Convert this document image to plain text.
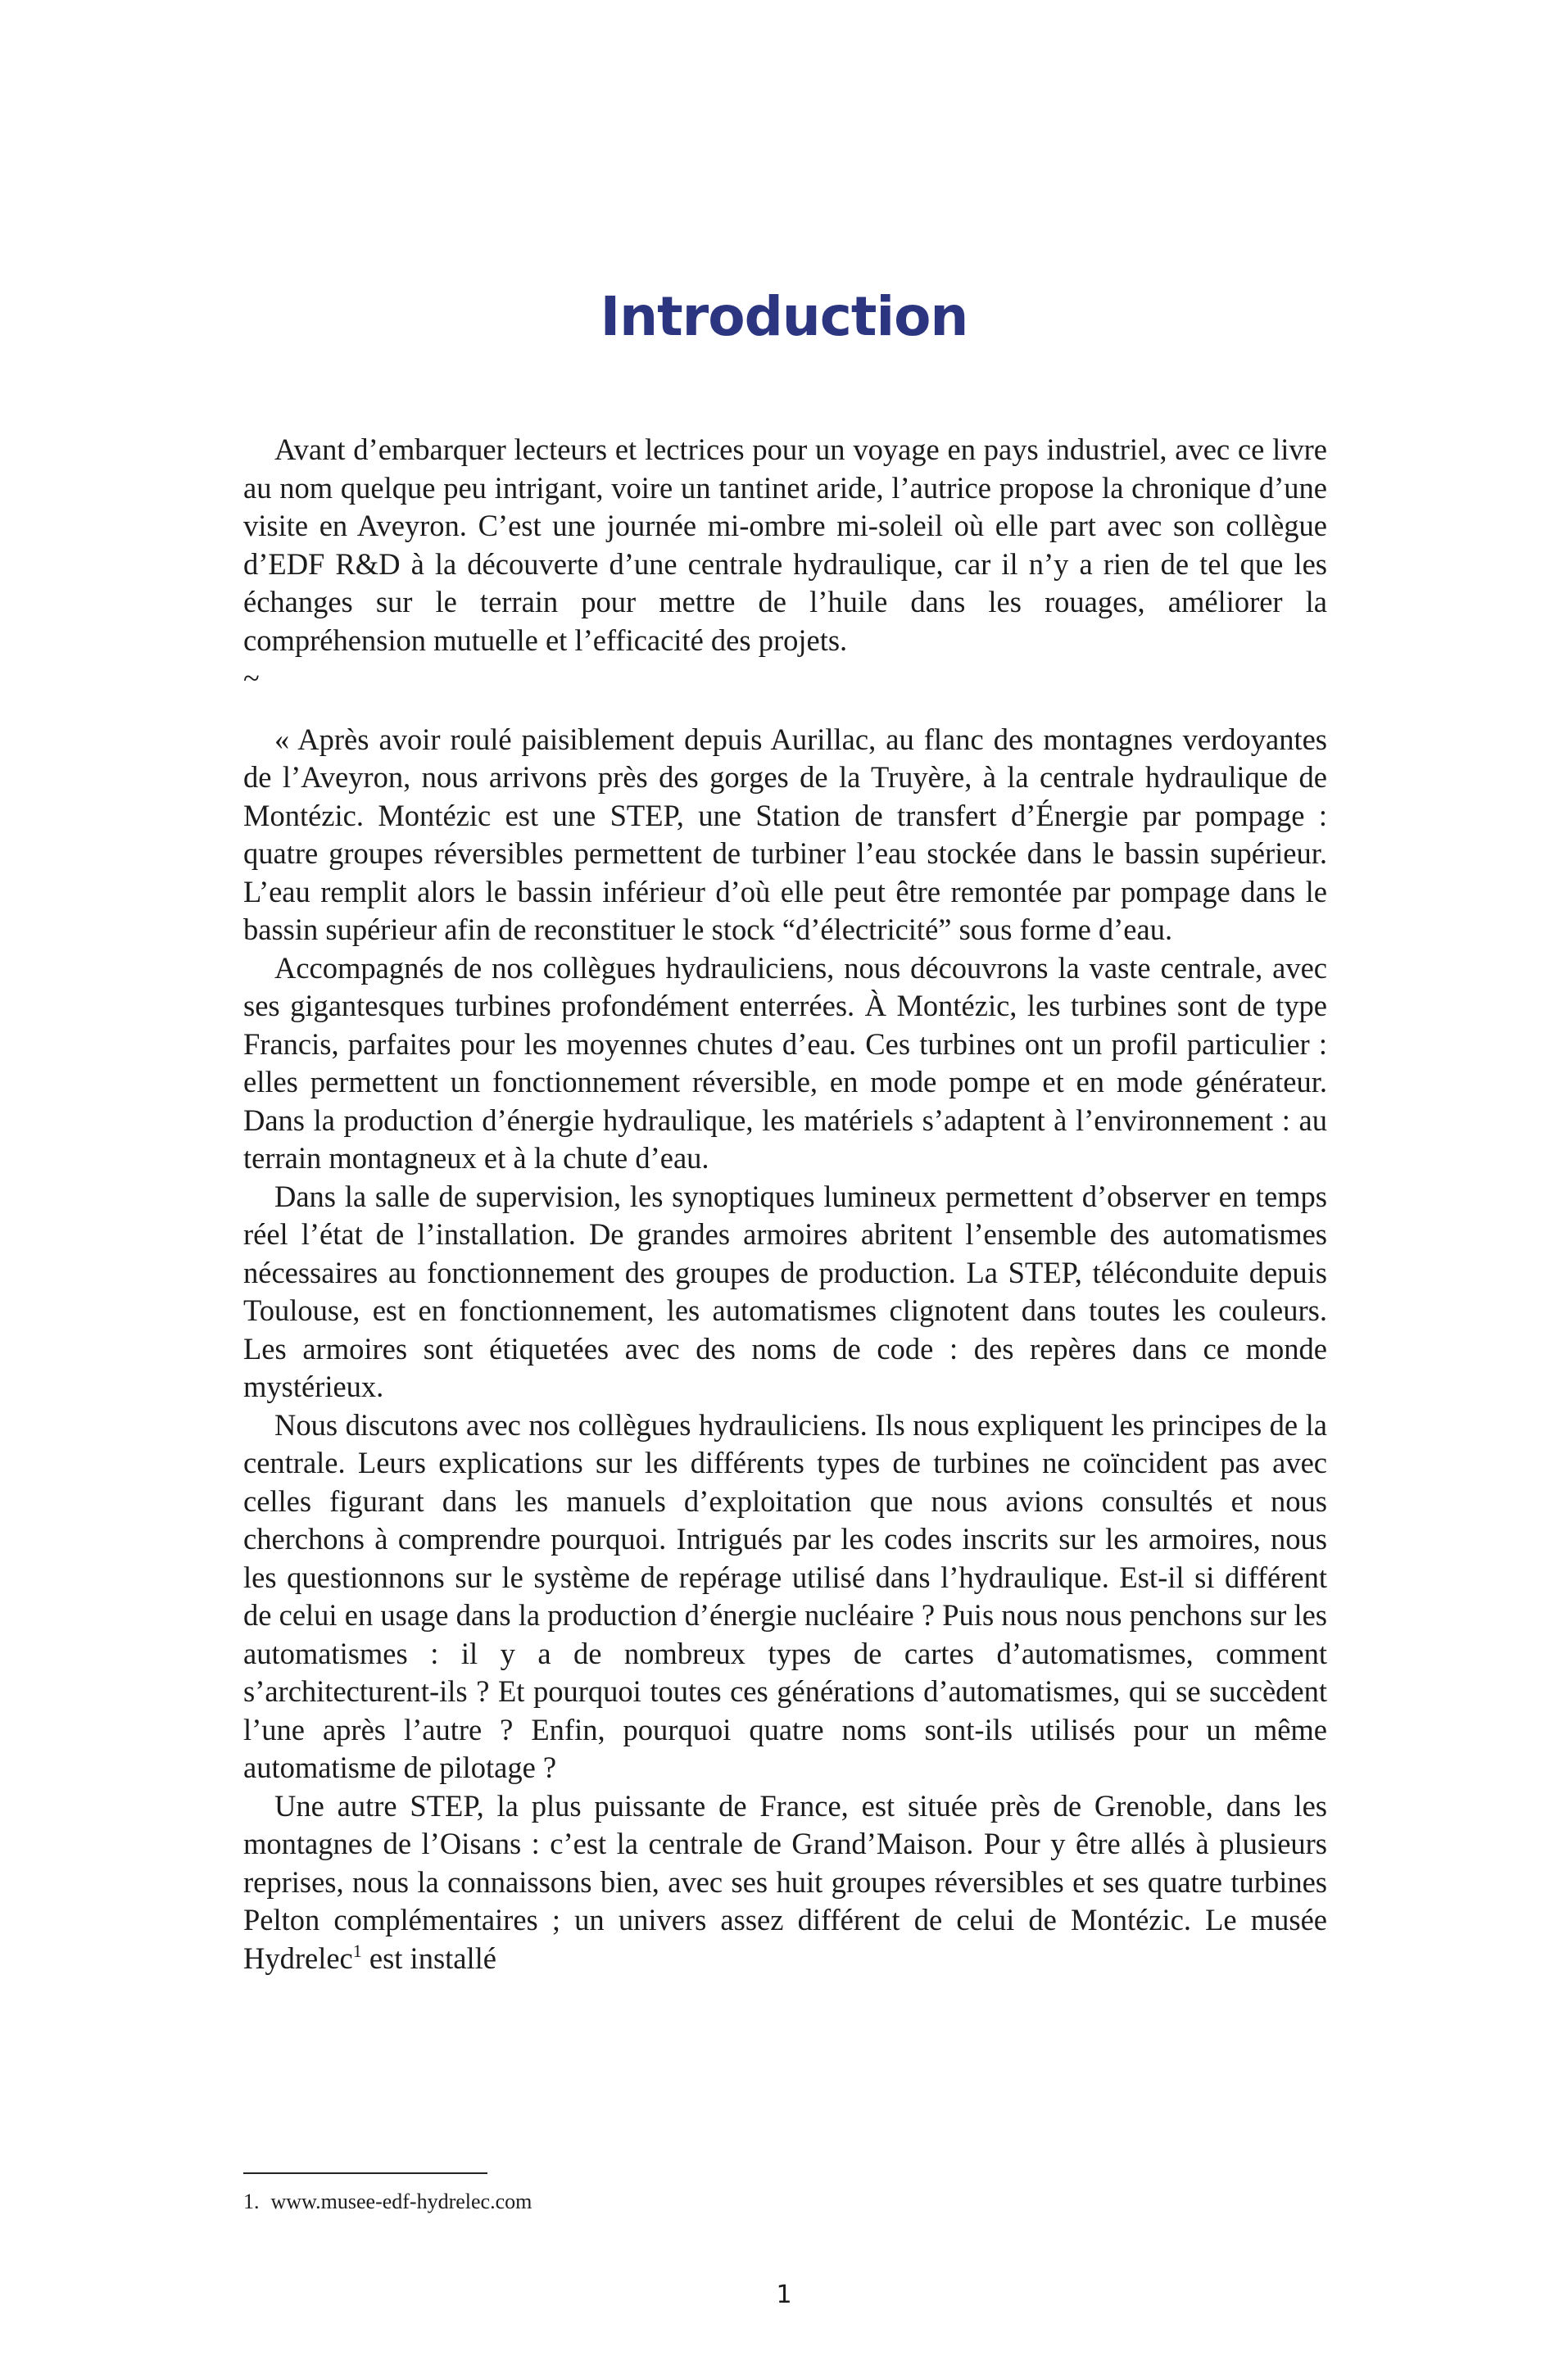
Introduction

Avant d’embarquer lecteurs et lectrices pour un voyage en pays industriel, avec ce livre au nom quelque peu intrigant, voire un tantinet aride, l’autrice propose la chronique d’une visite en Aveyron. C’est une journée mi-ombre mi-soleil où elle part avec son collègue d’EDF R&D à la découverte d’une centrale hydraulique, car il n’y a rien de tel que les échanges sur le terrain pour mettre de l’huile dans les rouages, améliorer la compréhension mutuelle et l’efficacité des projets.

~

« Après avoir roulé paisiblement depuis Aurillac, au flanc des montagnes verdoyantes de l’Aveyron, nous arrivons près des gorges de la Truyère, à la centrale hydraulique de Montézic. Montézic est une STEP, une Station de transfert d’Énergie par pompage : quatre groupes réversibles permettent de turbiner l’eau stockée dans le bassin supérieur. L’eau remplit alors le bassin inférieur d’où elle peut être remontée par pompage dans le bassin supérieur afin de reconstituer le stock “d’électricité” sous forme d’eau.

Accompagnés de nos collègues hydrauliciens, nous découvrons la vaste centrale, avec ses gigantesques turbines profondément enterrées. À Montézic, les turbines sont de type Francis, parfaites pour les moyennes chutes d’eau. Ces turbines ont un profil particulier : elles permettent un fonctionnement réversible, en mode pompe et en mode générateur. Dans la production d’énergie hydraulique, les matériels s’adaptent à l’environnement : au terrain montagneux et à la chute d’eau.

Dans la salle de supervision, les synoptiques lumineux permettent d’observer en temps réel l’état de l’installation. De grandes armoires abritent l’ensemble des automatismes nécessaires au fonctionnement des groupes de production. La STEP, téléconduite depuis Toulouse, est en fonctionnement, les automatismes clignotent dans toutes les couleurs. Les armoires sont étiquetées avec des noms de code : des repères dans ce monde mystérieux.

Nous discutons avec nos collègues hydrauliciens. Ils nous expliquent les principes de la centrale. Leurs explications sur les différents types de turbines ne coïncident pas avec celles figurant dans les manuels d’exploitation que nous avions consultés et nous cherchons à comprendre pourquoi. Intrigués par les codes inscrits sur les armoires, nous les questionnons sur le système de repérage utilisé dans l’hydraulique. Est-il si différent de celui en usage dans la production d’énergie nucléaire ? Puis nous nous penchons sur les automatismes : il y a de nombreux types de cartes d’automatismes, comment s’architecturent-ils ? Et pourquoi toutes ces générations d’automatismes, qui se succèdent l’une après l’autre ? Enfin, pourquoi quatre noms sont-ils utilisés pour un même automatisme de pilotage ?

Une autre STEP, la plus puissante de France, est située près de Grenoble, dans les montagnes de l’Oisans : c’est la centrale de Grand’Maison. Pour y être allés à plusieurs reprises, nous la connaissons bien, avec ses huit groupes réversibles et ses quatre turbines Pelton complémentaires ; un univers assez différent de celui de Montézic. Le musée Hydrelec$^1$ est installé

1. www.musee-edf-hydrelec.com
1
